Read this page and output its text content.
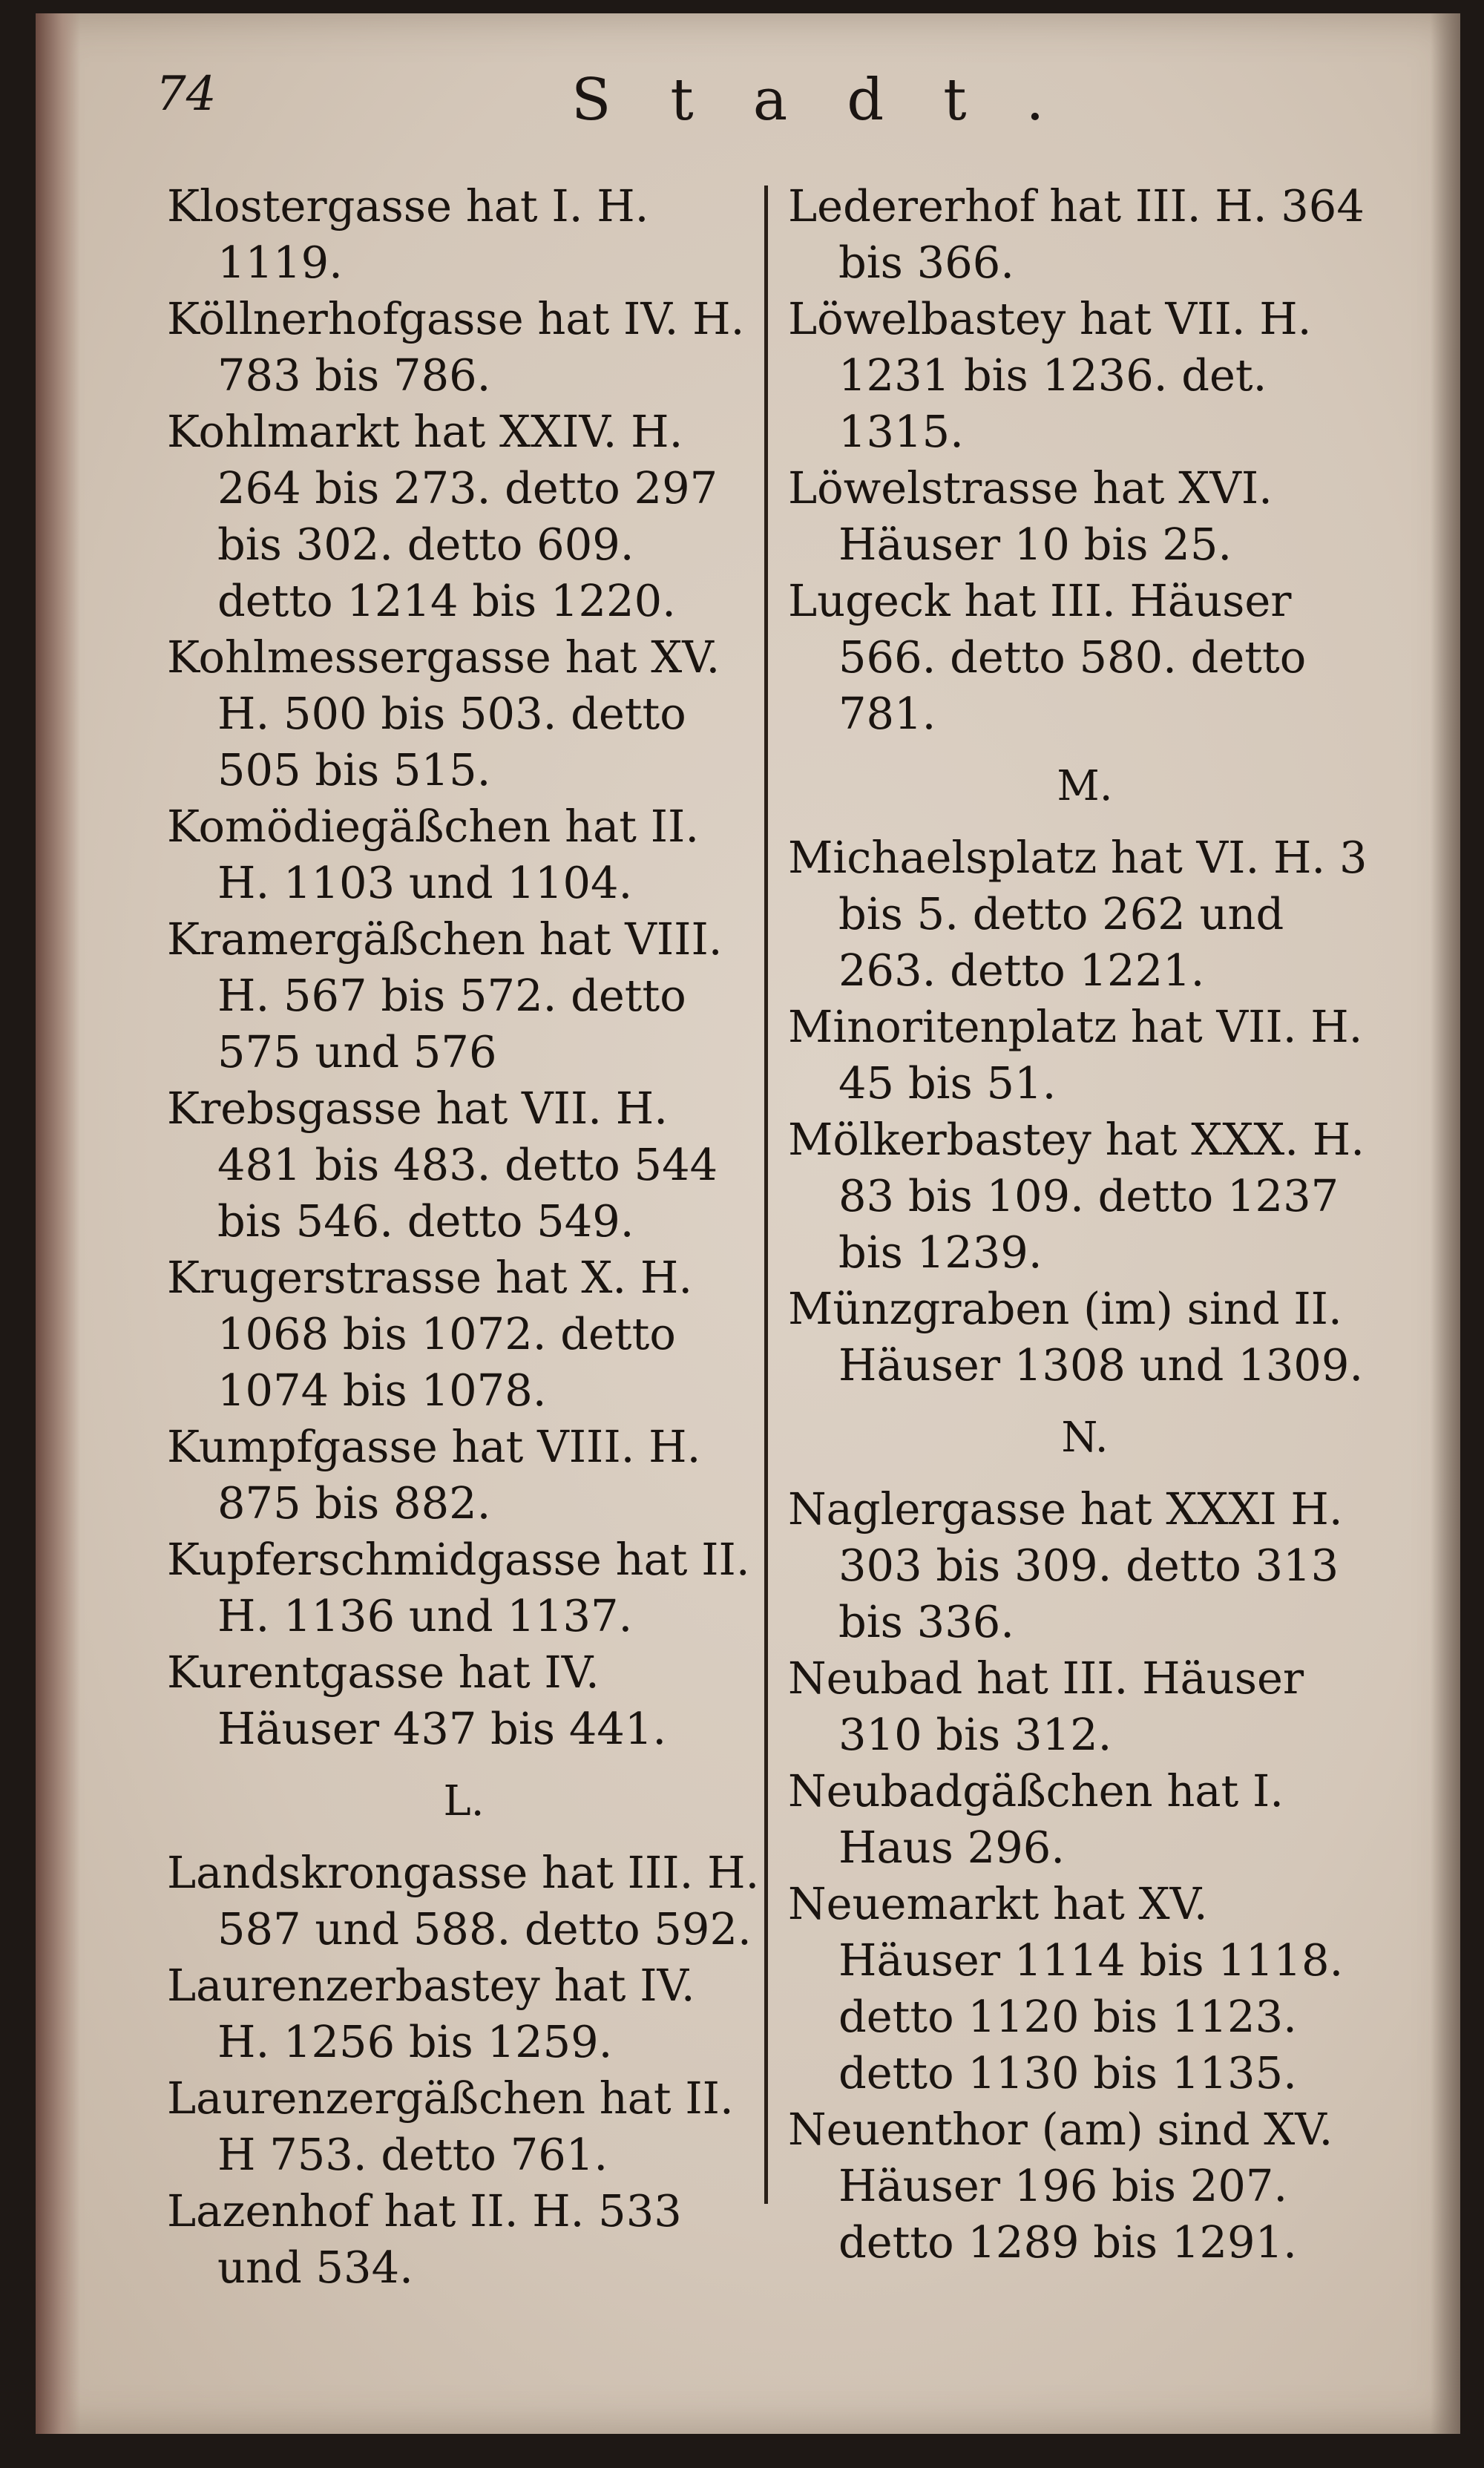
74	Stadt.

Klostergasse hat I. H. 1119.

Köllnerhofgasse hat IV. H. 783 bis 786.

Kohlmarkt hat XXIV. H. 264 bis 273. detto 297 bis 302. detto 609. detto 1214 bis 1220.

Kohlmessergasse hat XV. H. 500 bis 503. detto 505 bis 515.

Komödiegäßchen hat II. H. 1103 und 1104.

Kramergäßchen hat VIII. H. 567 bis 572. detto 575 und 576

Krebsgasse hat VII. H. 481 bis 483. detto 544 bis 546. detto 549.

Krugerstrasse hat X. H. 1068 bis 1072. detto 1074 bis 1078.

Kumpfgasse hat VIII. H. 875 bis 882.

Kupferschmidgasse hat II. H. 1136 und 1137.

Kurentgasse hat IV. Häuser 437 bis 441.

L.

Landskrongasse hat III. H. 587 und 588. detto 592.

Laurenzerbastey hat IV. H. 1256 bis 1259.

Laurenzergäßchen hat II. H 753. detto 761.

Lazenhof hat II. H. 533 und 534.

Ledererhof hat III. H. 364 bis 366.

Löwelbastey hat VII. H. 1231 bis 1236. det. 1315.

Löwelstrasse hat XVI. Häuser 10 bis 25.

Lugeck hat III. Häuser 566. detto 580. detto 781.

M.

Michaelsplatz hat VI. H. 3 bis 5. detto 262 und 263. detto 1221.

Minoritenplatz hat VII. H. 45 bis 51.

Mölkerbastey hat XXX. H. 83 bis 109. detto 1237 bis 1239.

Münzgraben (im) sind II. Häuser 1308 und 1309.

N.

Naglergasse hat XXXI H. 303 bis 309. detto 313 bis 336.

Neubad hat III. Häuser 310 bis 312.

Neubadgäßchen hat I. Haus 296.

Neuemarkt hat XV. Häuser 1114 bis 1118. detto 1120 bis 1123. detto 1130 bis 1135.

Neuenthor (am) sind XV. Häuser 196 bis 207. detto 1289 bis 1291.
